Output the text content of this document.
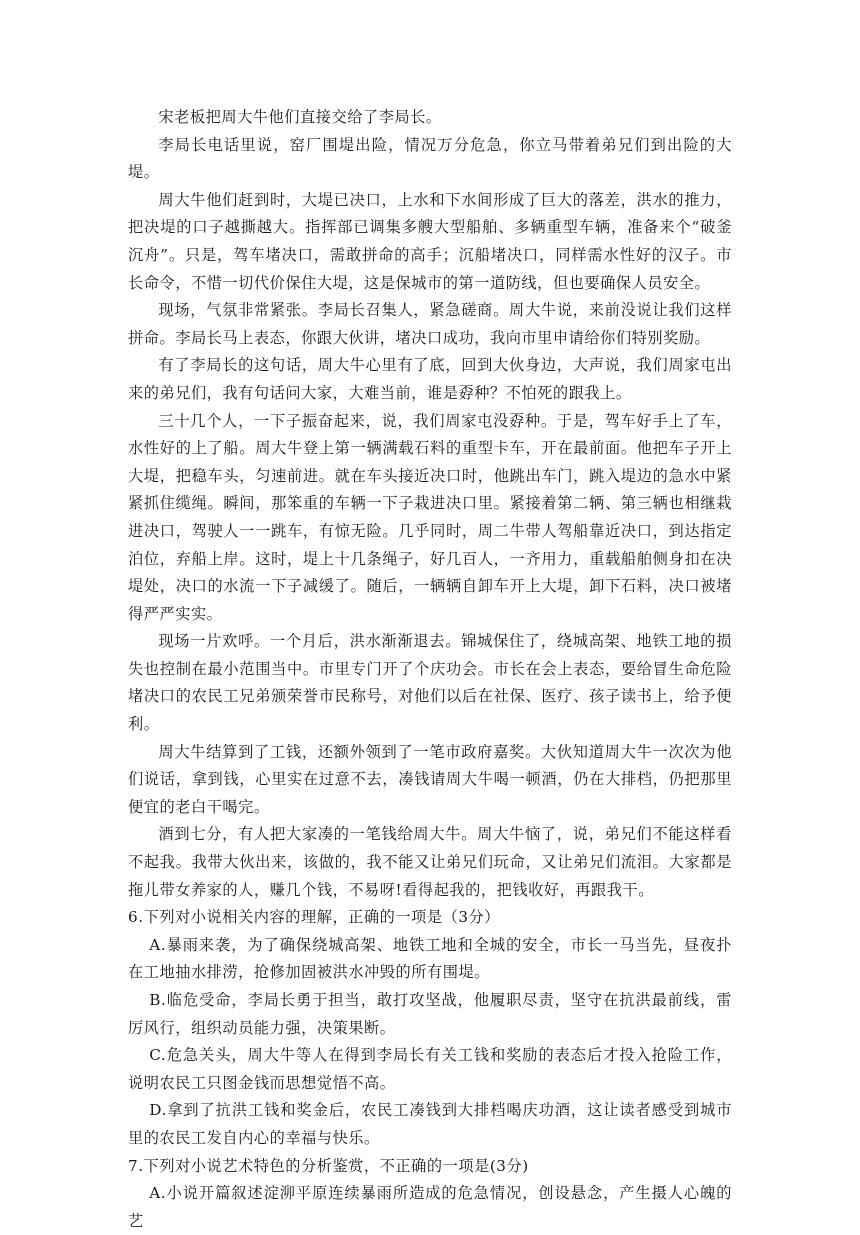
宋老板把周大牛他们直接交给了李局长。

李局长电话里说，窑厂围堤出险，情况万分危急，你立马带着弟兄们到出险的大堤。

周大牛他们赶到时，大堤已决口，上水和下水间形成了巨大的落差，洪水的推力，把决堤的口子越撕越大。指挥部已调集多艘大型船舶、多辆重型车辆，准备来个“破釜沉舟”。只是，驾车堵决口，需敢拼命的高手；沉船堵决口，同样需水性好的汉子。市长命令，不惜一切代价保住大堤，这是保城市的第一道防线，但也要确保人员安全。

现场，气氛非常紧张。李局长召集人，紧急磋商。周大牛说，来前没说让我们这样拼命。李局长马上表态，你跟大伙讲，堵决口成功，我向市里申请给你们特别奖励。

有了李局长的这句话，周大牛心里有了底，回到大伙身边，大声说，我们周家屯出来的弟兄们，我有句话问大家，大难当前，谁是孬种？不怕死的跟我上。

三十几个人，一下子振奋起来，说，我们周家屯没孬种。于是，驾车好手上了车，水性好的上了船。周大牛登上第一辆满载石料的重型卡车，开在最前面。他把车子开上大堤，把稳车头，匀速前进。就在车头接近决口时，他跳出车门，跳入堤边的急水中紧紧抓住缆绳。瞬间，那笨重的车辆一下子栽进决口里。紧接着第二辆、第三辆也相继栽进决口，驾驶人一一跳车，有惊无险。几乎同时，周二牛带人驾船靠近决口，到达指定泊位，弃船上岸。这时，堤上十几条绳子，好几百人，一齐用力，重载船舶侧身扣在决堤处，决口的水流一下子减缓了。随后，一辆辆自卸车开上大堤，卸下石料，决口被堵得严严实实。

现场一片欢呼。一个月后，洪水渐渐退去。锦城保住了，绕城高架、地铁工地的损失也控制在最小范围当中。市里专门开了个庆功会。市长在会上表态，要给冒生命危险堵决口的农民工兄弟颁荣誉市民称号，对他们以后在社保、医疗、孩子读书上，给予便利。

周大牛结算到了工钱，还额外领到了一笔市政府嘉奖。大伙知道周大牛一次次为他们说话，拿到钱，心里实在过意不去，凑钱请周大牛喝一顿酒，仍在大排档，仍把那里便宜的老白干喝完。

酒到七分，有人把大家凑的一笔钱给周大牛。周大牛恼了，说，弟兄们不能这样看不起我。我带大伙出来，该做的，我不能又让弟兄们玩命，又让弟兄们流泪。大家都是拖儿带女养家的人，赚几个钱，不易呀!看得起我的，把钱收好，再跟我干。

6.下列对小说相关内容的理解，正确的一项是（3分）

A.暴雨来袭，为了确保绕城高架、地铁工地和全城的安全，市长一马当先，昼夜扑在工地抽水排涝，抢修加固被洪水冲毁的所有围堤。

B.临危受命，李局长勇于担当，敢打攻坚战，他履职尽责，坚守在抗洪最前线，雷厉风行，组织动员能力强，决策果断。

C.危急关头，周大牛等人在得到李局长有关工钱和奖励的表态后才投入抢险工作，说明农民工只图金钱而思想觉悟不高。

D.拿到了抗洪工钱和奖金后，农民工凑钱到大排档喝庆功酒，这让读者感受到城市里的农民工发自内心的幸福与快乐。

7.下列对小说艺术特色的分析鉴赏，不正确的一项是(3分)

A.小说开篇叙述淀泖平原连续暴雨所造成的危急情况，创设悬念，产生摄人心魄的艺
